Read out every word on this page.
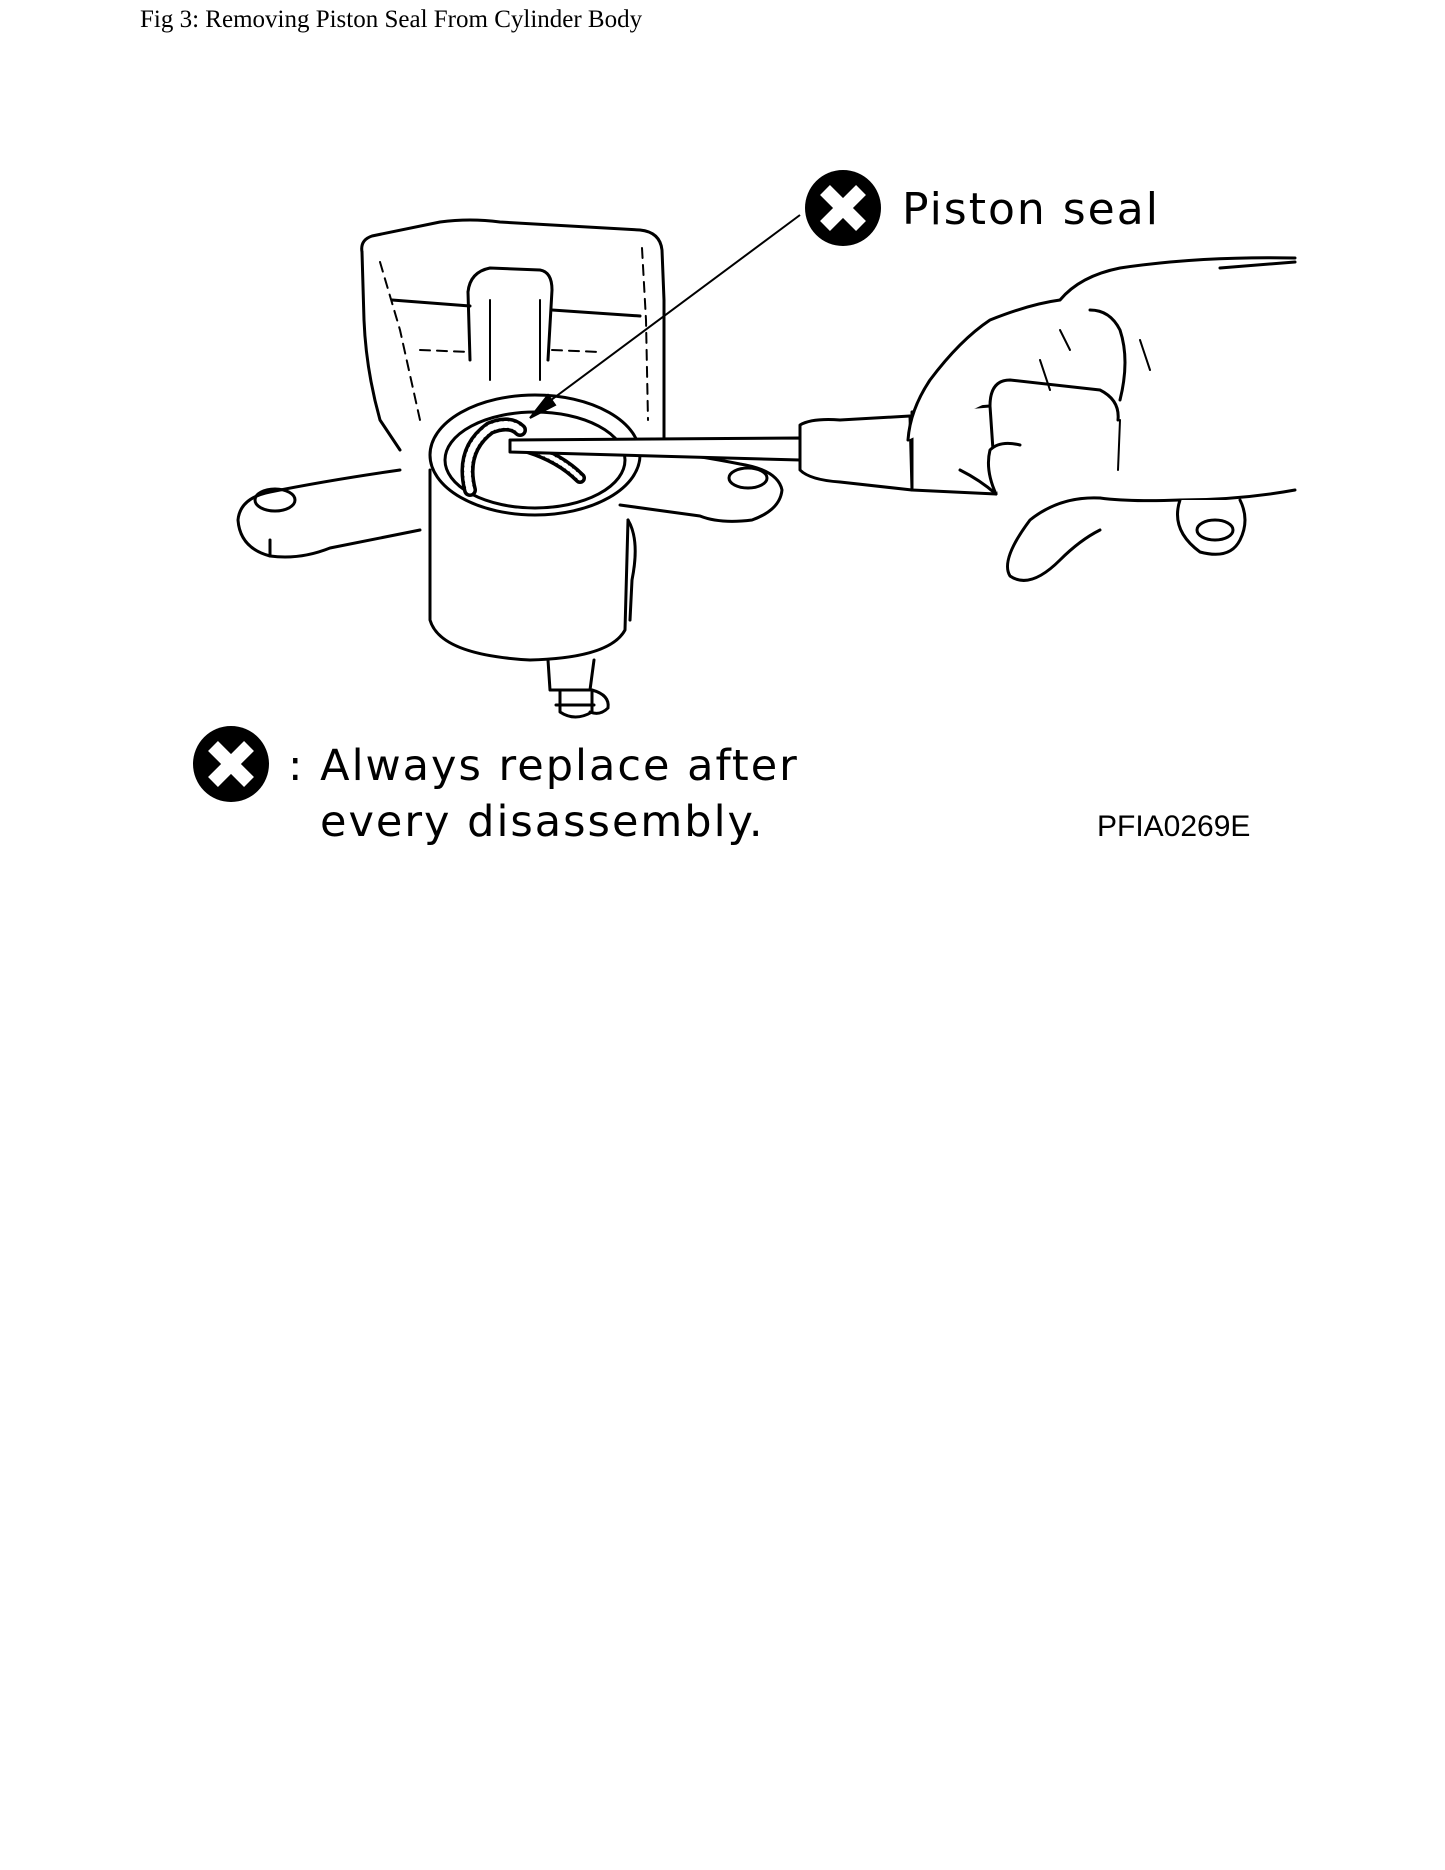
Fig 3: Removing Piston Seal From Cylinder Body
Piston seal
: Always replace after
every disassembly.	PFIA0269E
